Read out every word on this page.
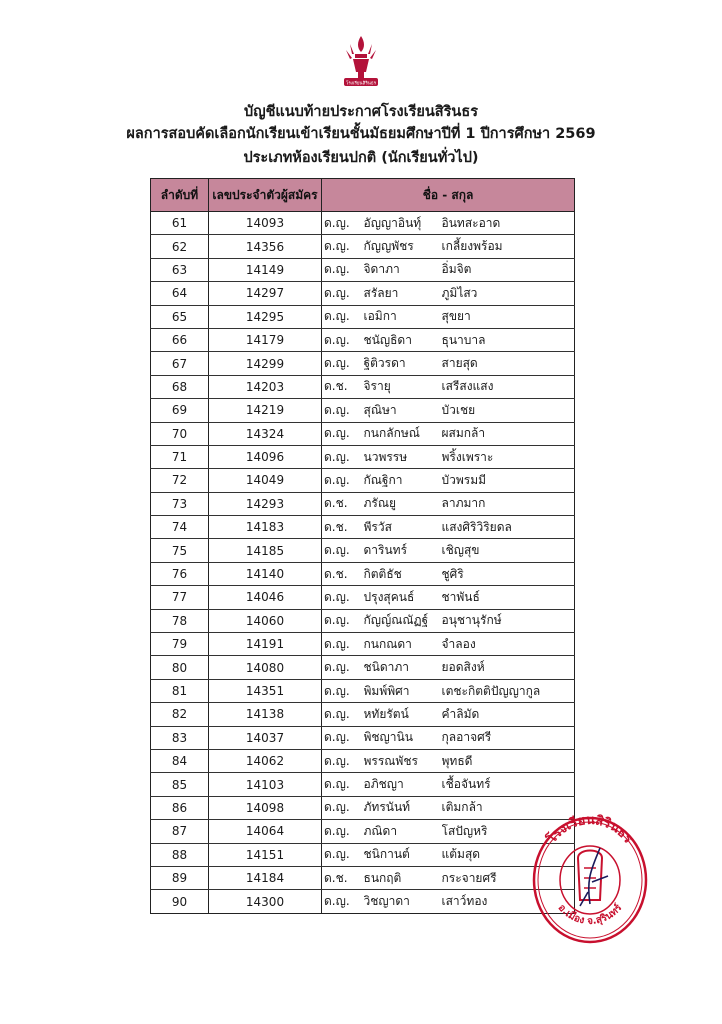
โรงเรียนสิรินธร
บัญชีแนบท้ายประกาศโรงเรียนสิรินธร
ผลการสอบคัดเลือกนักเรียนเข้าเรียนชั้นมัธยมศึกษาปีที่ 1 ปีการศึกษา 2569
ประเภทห้องเรียนปกติ (นักเรียนทั่วไป)
ลำดับที่	เลขประจำตัวผู้สมัคร	ชื่อ - สกุล		
61	14093	ด.ญ.	อัญญาอินทุ์	อินทสะอาด
62	14356	ด.ญ.	กัญญพัชร	เกลี้ยงพร้อม
63	14149	ด.ญ.	จิดาภา	อิ่มจิต
64	14297	ด.ญ.	สรัลยา	ภูมิไสว
65	14295	ด.ญ.	เอมิกา	สุขยา
66	14179	ด.ญ.	ชนัญธิดา	ธุนาบาล
67	14299	ด.ญ.	ฐิติวรดา	สายสุด
68	14203	ด.ช.	จิรายุ	เสรีสงแสง
69	14219	ด.ญ.	สุณิษา	บัวเชย
70	14324	ด.ญ.	กนกลักษณ์	ผสมกล้า
71	14096	ด.ญ.	นวพรรษ	พริ้งเพราะ
72	14049	ด.ญ.	กัณฐิกา	บัวพรมมี
73	14293	ด.ช.	ภรัณยู	ลาภมาก
74	14183	ด.ช.	พีรวัส	แสงศิริวิริยดล
75	14185	ด.ญ.	ดารินทร์	เชิญสุข
76	14140	ด.ช.	กิตติธัช	ชูศิริ
77	14046	ด.ญ.	ปรุงสุคนธ์	ชาพันธ์
78	14060	ด.ญ.	กัญญ์ณณัฏฐ์	อนุชานุรักษ์
79	14191	ด.ญ.	กนกณดา	จำลอง
80	14080	ด.ญ.	ชนิดาภา	ยอดสิงห์
81	14351	ด.ญ.	พิมพ์พิศา	เตชะกิตติปัญญากูล
82	14138	ด.ญ.	หทัยรัตน์	คำลิมัด
83	14037	ด.ญ.	พิชญานิน	กุลอาจศรี
84	14062	ด.ญ.	พรรณพัชร	พุทธดี
85	14103	ด.ญ.	อภิชญา	เชื้อจันทร์
86	14098	ด.ญ.	ภัทรนันท์	เติมกล้า
87	14064	ด.ญ.	ภณิดา	โสปัญหริ
88	14151	ด.ญ.	ชนิกานต์	แต้มสุด
89	14184	ด.ช.	ธนกฤติ	กระจายศรี
90	14300	ด.ญ.	วิชญาดา	เสาว์ทอง
โรงเรียนสิรินธร
อ.เมือง จ.สุรินทร์
